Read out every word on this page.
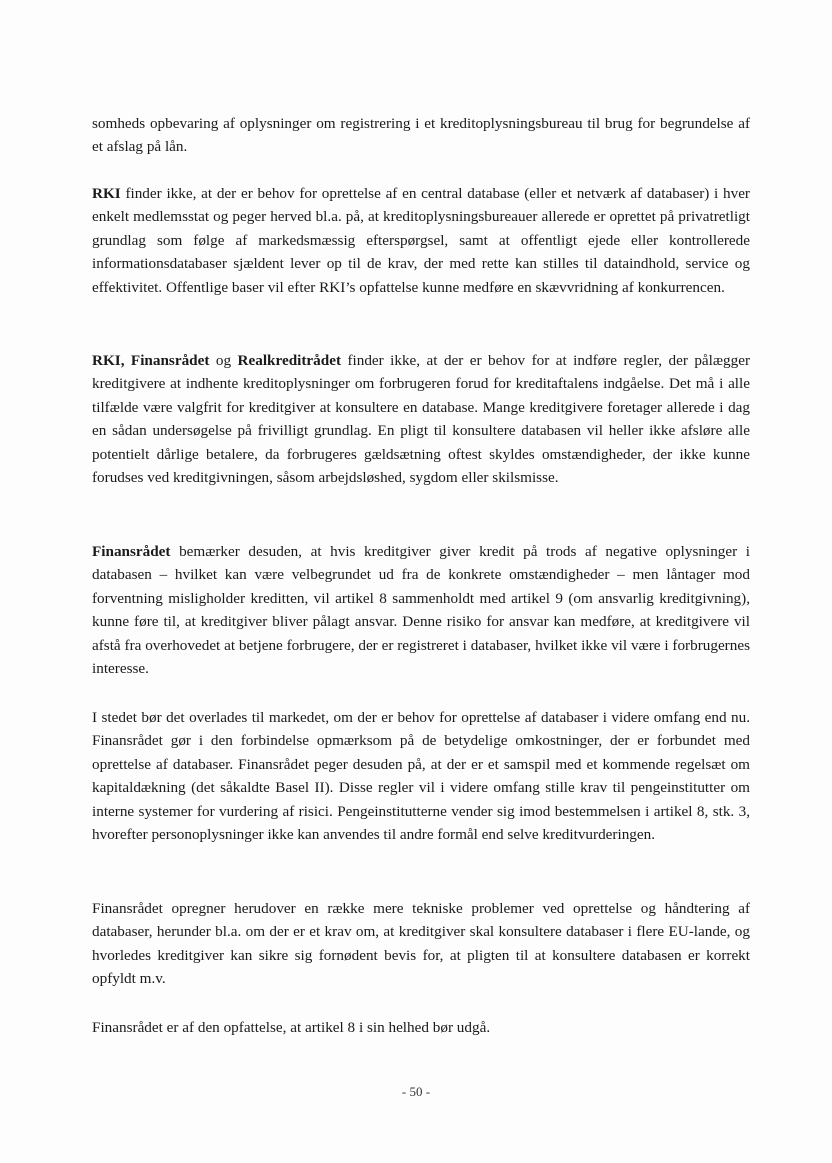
somheds opbevaring af oplysninger om registrering i et kreditoplysningsbureau til brug for begrundelse af et afslag på lån.

RKI finder ikke, at der er behov for oprettelse af en central database (eller et netværk af databaser) i hver enkelt medlemsstat og peger herved bl.a. på, at kreditoplysningsbureauer allerede er oprettet på privatretligt grundlag som følge af markedsmæssig efterspørgsel, samt at offentligt ejede eller kontrollerede informationsdatabaser sjældent lever op til de krav, der med rette kan stilles til dataindhold, service og effektivitet. Offentlige baser vil efter RKI’s opfattelse kunne medføre en skævvridning af konkurrencen.

RKI, Finansrådet og Realkreditrådet finder ikke, at der er behov for at indføre regler, der pålægger kreditgivere at indhente kreditoplysninger om forbrugeren forud for kreditaftalens indgåelse. Det må i alle tilfælde være valgfrit for kreditgiver at konsultere en database. Mange kreditgivere foretager allerede i dag en sådan undersøgelse på frivilligt grundlag. En pligt til konsultere databasen vil heller ikke afsløre alle potentielt dårlige betalere, da forbrugeres gældsætning oftest skyldes omstændigheder, der ikke kunne forudses ved kreditgivningen, såsom arbejdsløshed, sygdom eller skilsmisse.

Finansrådet bemærker desuden, at hvis kreditgiver giver kredit på trods af negative oplysninger i databasen – hvilket kan være velbegrundet ud fra de konkrete omstændigheder – men låntager mod forventning misligholder kreditten, vil artikel 8 sammenholdt med artikel 9 (om ansvarlig kreditgivning), kunne føre til, at kreditgiver bliver pålagt ansvar. Denne risiko for ansvar kan medføre, at kreditgivere vil afstå fra overhovedet at betjene forbrugere, der er registreret i databaser, hvilket ikke vil være i forbrugernes interesse.

I stedet bør det overlades til markedet, om der er behov for oprettelse af databaser i videre omfang end nu. Finansrådet gør i den forbindelse opmærksom på de betydelige omkostninger, der er forbundet med oprettelse af databaser. Finansrådet peger desuden på, at der er et samspil med et kommende regelsæt om kapitaldækning (det såkaldte Basel II). Disse regler vil i videre omfang stille krav til pengeinstitutter om interne systemer for vurdering af risici. Pengeinstitutterne vender sig imod bestemmelsen i artikel 8, stk. 3, hvorefter personoplysninger ikke kan anvendes til andre formål end selve kreditvurderingen.

Finansrådet opregner herudover en række mere tekniske problemer ved oprettelse og håndtering af databaser, herunder bl.a. om der er et krav om, at kreditgiver skal konsultere databaser i flere EU-lande, og hvorledes kreditgiver kan sikre sig fornødent bevis for, at pligten til at konsultere databasen er korrekt opfyldt m.v.

Finansrådet er af den opfattelse, at artikel 8 i sin helhed bør udgå.

- 50 -
